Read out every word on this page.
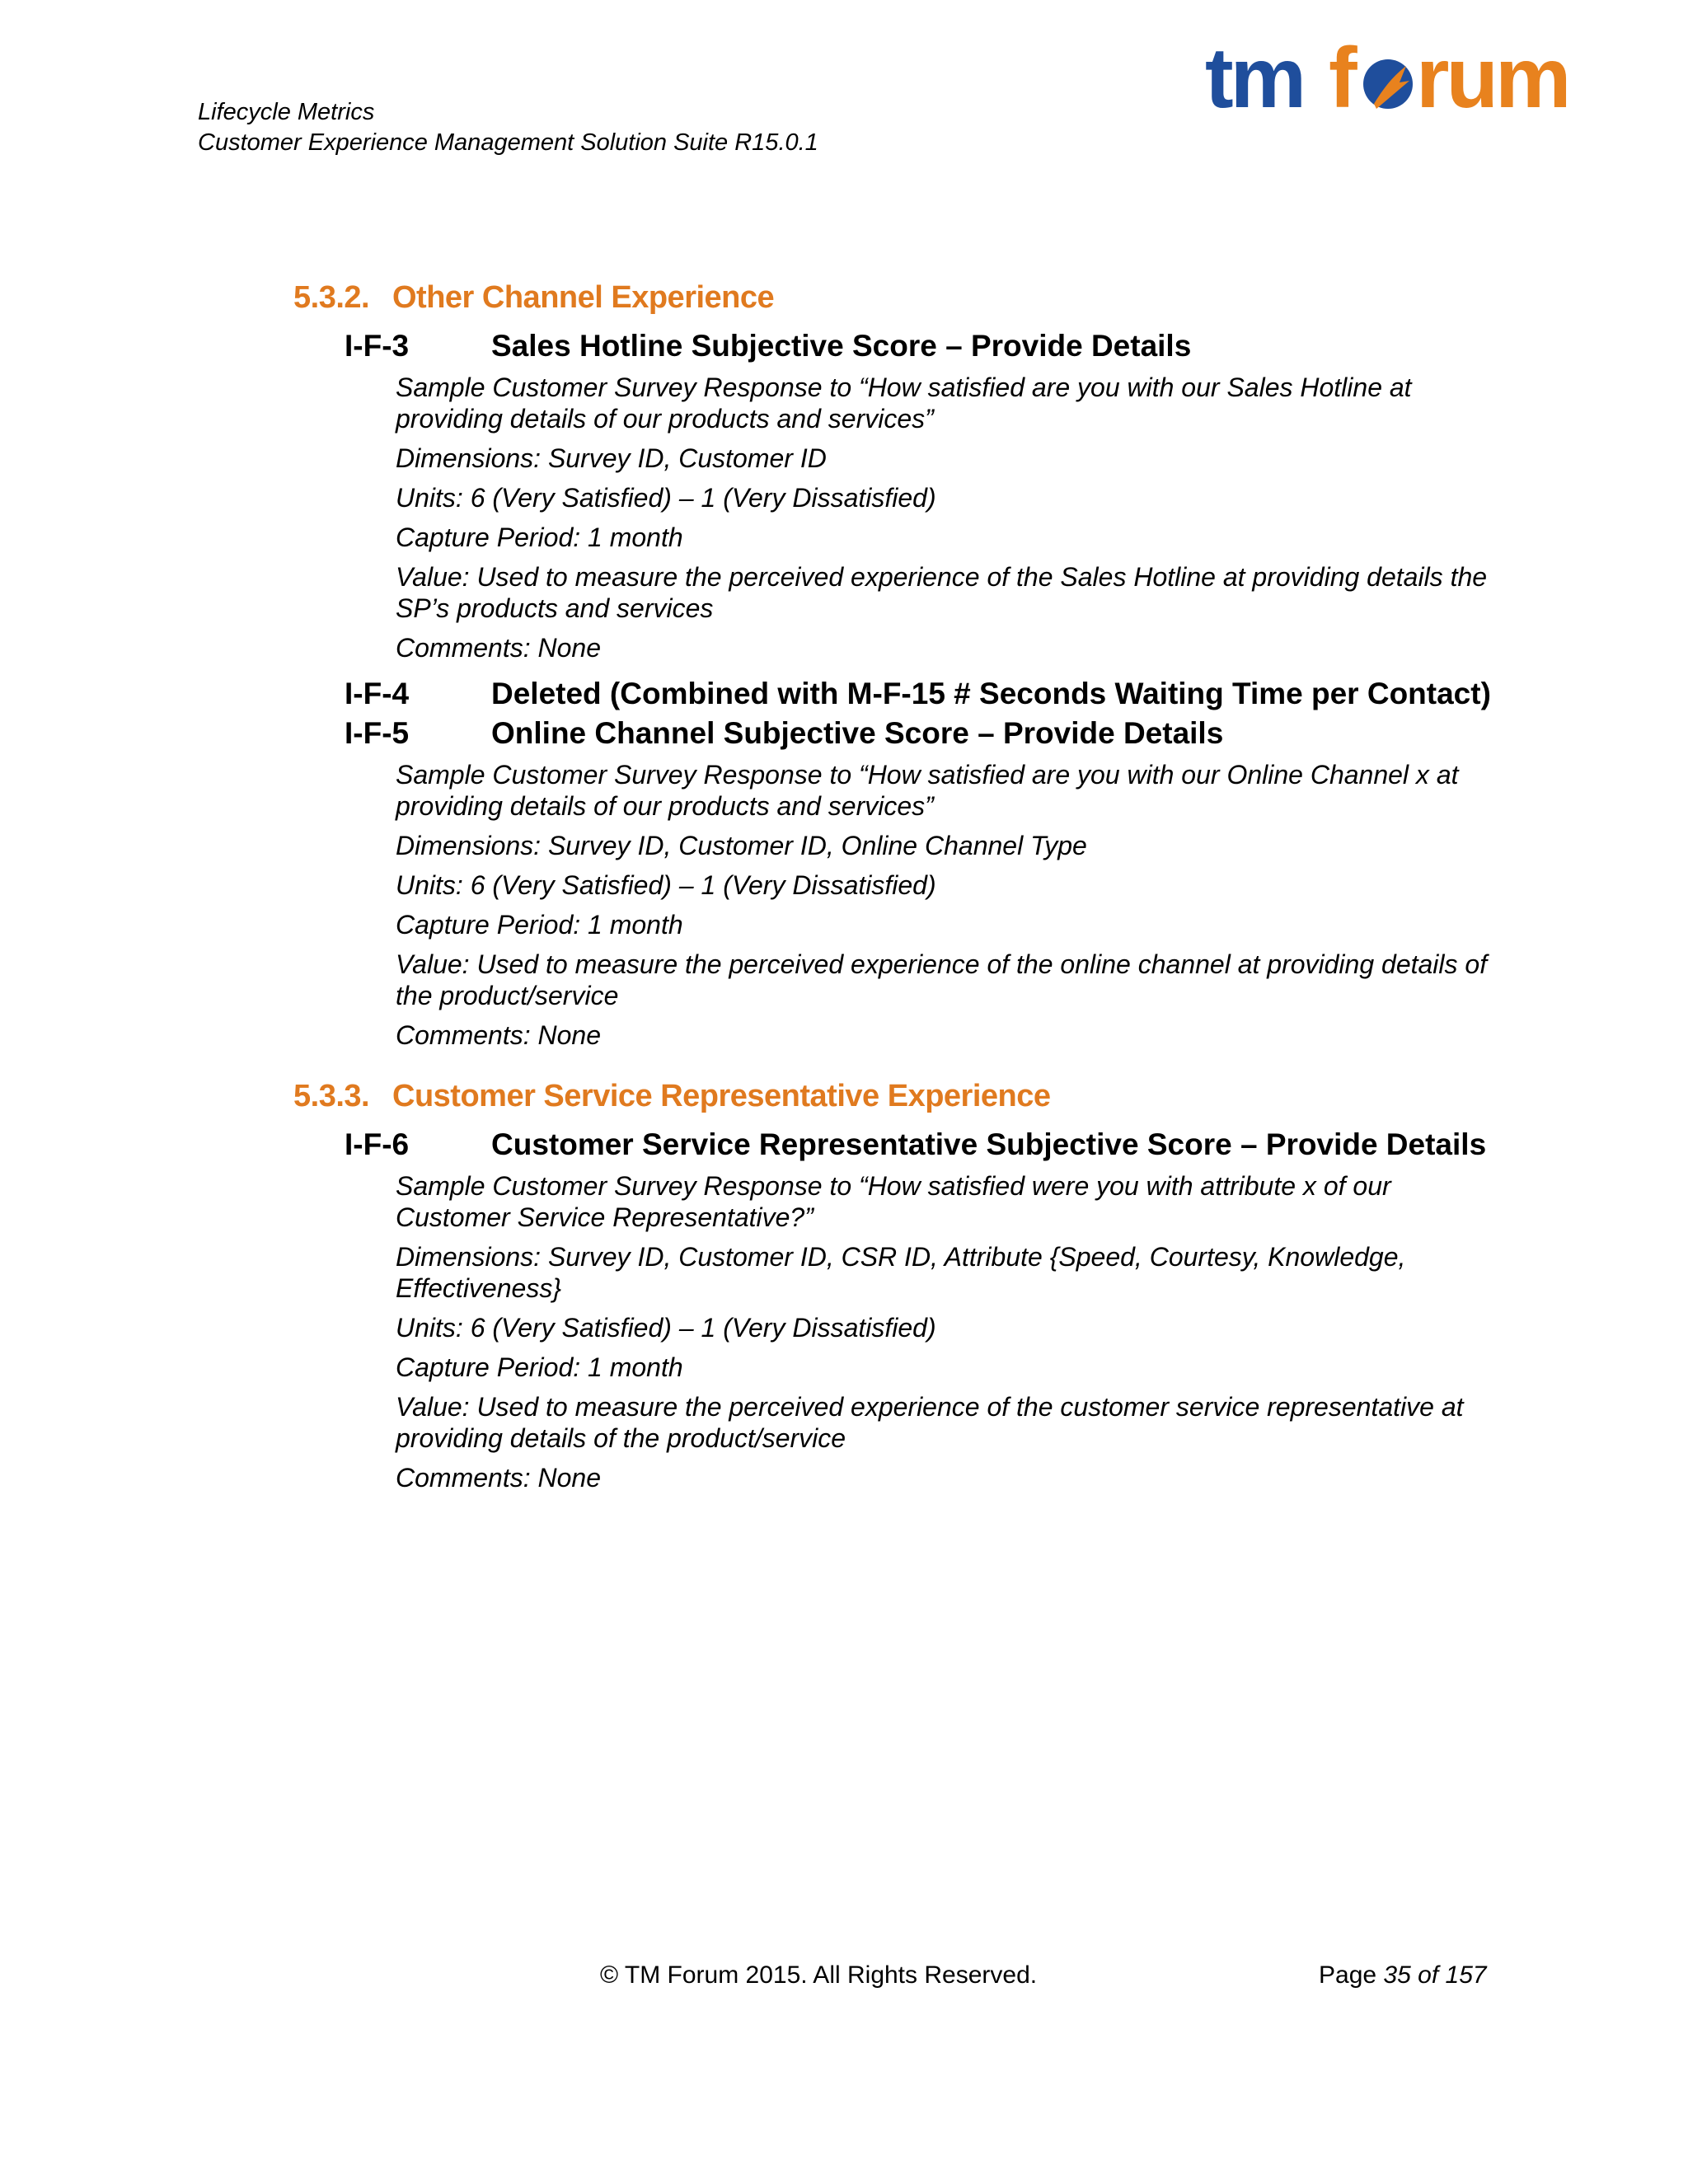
Lifecycle Metrics
Customer Experience Management Solution Suite R15.0.1
tm f rum
5.3.2. Other Channel Experience
I-F-3	Sales Hotline Subjective Score – Provide Details

Sample Customer Survey Response to “How satisfied are you with our Sales Hotline at providing details of our products and services”

Dimensions: Survey ID, Customer ID

Units: 6 (Very Satisfied) – 1 (Very Dissatisfied)

Capture Period: 1 month

Value: Used to measure the perceived experience of the Sales Hotline at providing details the SP’s products and services

Comments: None

I-F-4	Deleted (Combined with M-F-15 # Seconds Waiting Time per Contact)
I-F-5	Online Channel Subjective Score – Provide Details

Sample Customer Survey Response to “How satisfied are you with our Online Channel x at providing details of our products and services”

Dimensions: Survey ID, Customer ID, Online Channel Type

Units: 6 (Very Satisfied) – 1 (Very Dissatisfied)

Capture Period: 1 month

Value: Used to measure the perceived experience of the online channel at providing details of the product/service

Comments: None

5.3.3. Customer Service Representative Experience
I-F-6	Customer Service Representative Subjective Score – Provide Details

Sample Customer Survey Response to “How satisfied were you with attribute x of our Customer Service Representative?”

Dimensions: Survey ID, Customer ID, CSR ID, Attribute {Speed, Courtesy, Knowledge, Effectiveness}

Units: 6 (Very Satisfied) – 1 (Very Dissatisfied)

Capture Period: 1 month

Value: Used to measure the perceived experience of the customer service representative at providing details of the product/service

Comments: None

© TM Forum 2015. All Rights Reserved.	Page 35 of 157
